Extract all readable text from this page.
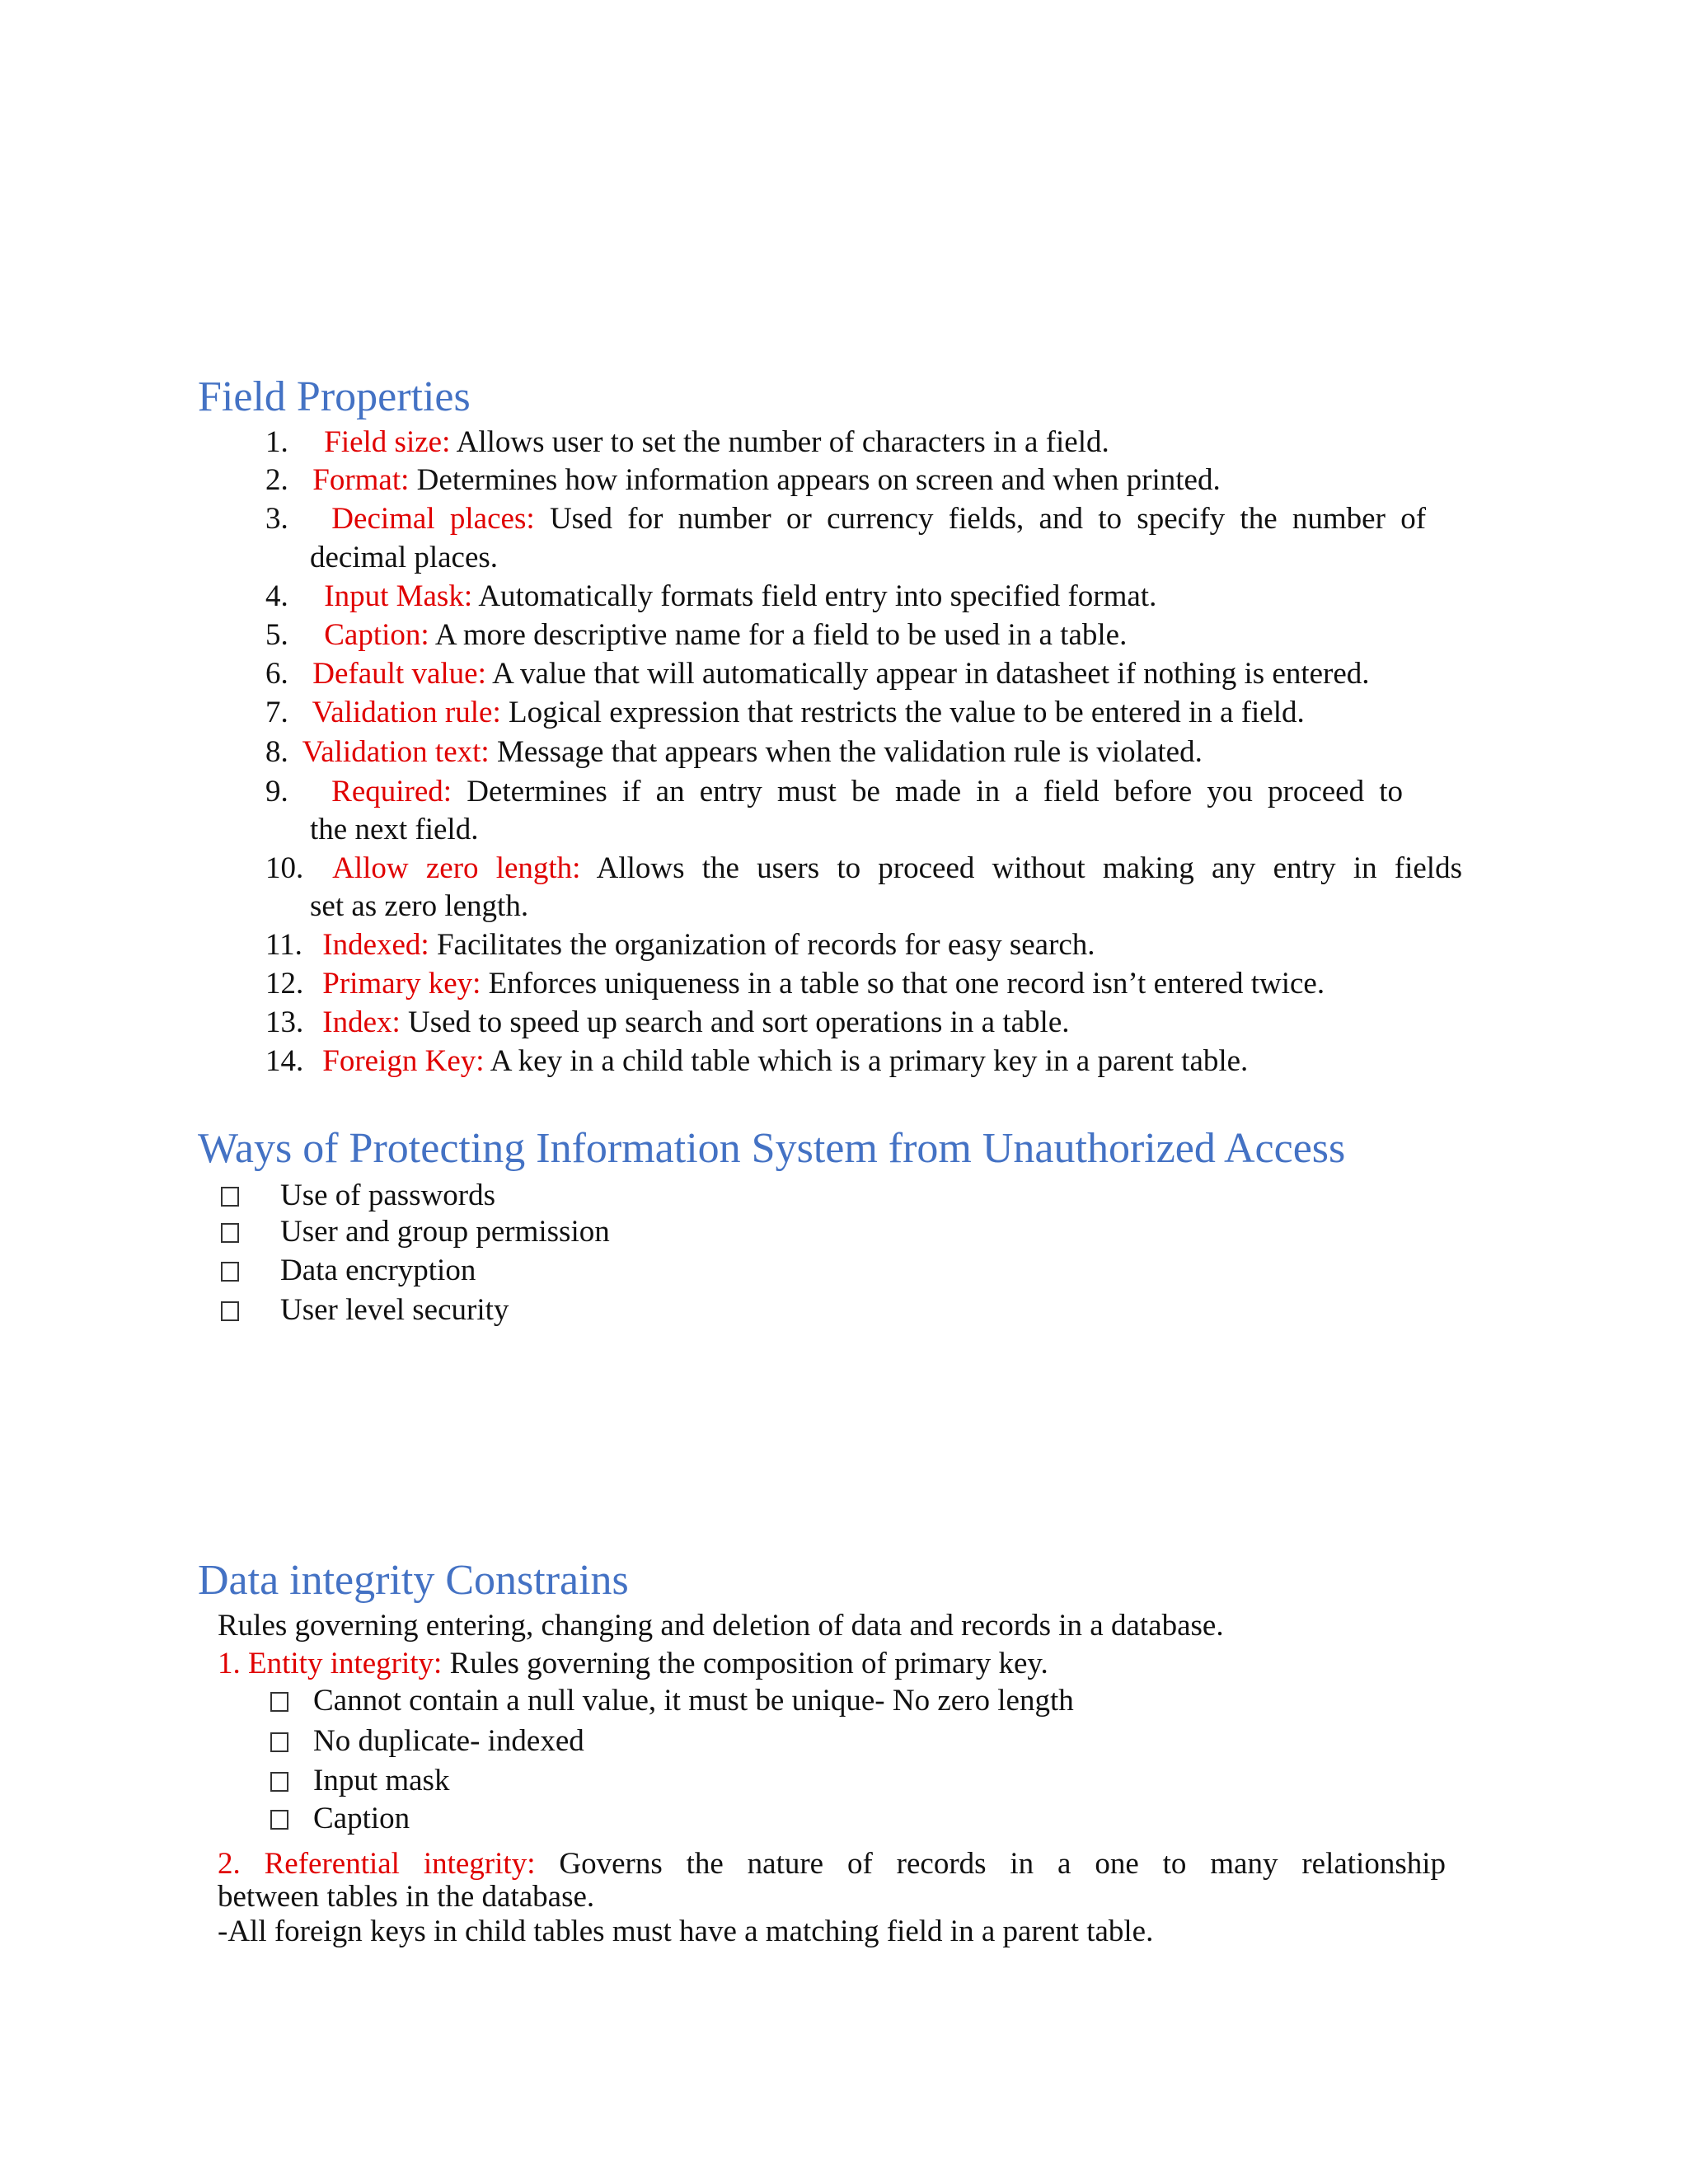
Field Properties
1. Field size: Allows user to set the number of characters in a field.
2. Format: Determines how information appears on screen and when printed.
3. Decimal places: Used for number or currency fields, and to specify the number of
decimal places.
4. Input Mask: Automatically formats field entry into specified format.
5. Caption: A more descriptive name for a field to be used in a table.
6. Default value: A value that will automatically appear in datasheet if nothing is entered.
7. Validation rule: Logical expression that restricts the value to be entered in a field.
8. Validation text: Message that appears when the validation rule is violated.
9. Required: Determines if an entry must be made in a field before you proceed to
the next field.
10. Allow zero length: Allows the users to proceed without making any entry in fields
set as zero length.
11. Indexed: Facilitates the organization of records for easy search.
12. Primary key: Enforces uniqueness in a table so that one record isn’t entered twice.
13. Index: Used to speed up search and sort operations in a table.
14. Foreign Key: A key in a child table which is a primary key in a parent table.
Ways of Protecting Information System from Unauthorized Access
Use of passwords
User and group permission
Data encryption
User level security
Data integrity Constrains
Rules governing entering, changing and deletion of data and records in a database.
1. Entity integrity: Rules governing the composition of primary key.
Cannot contain a null value, it must be unique- No zero length
No duplicate- indexed
Input mask
Caption
2. Referential integrity: Governs the nature of records in a one to many relationship
between tables in the database.
-All foreign keys in child tables must have a matching field in a parent table.
